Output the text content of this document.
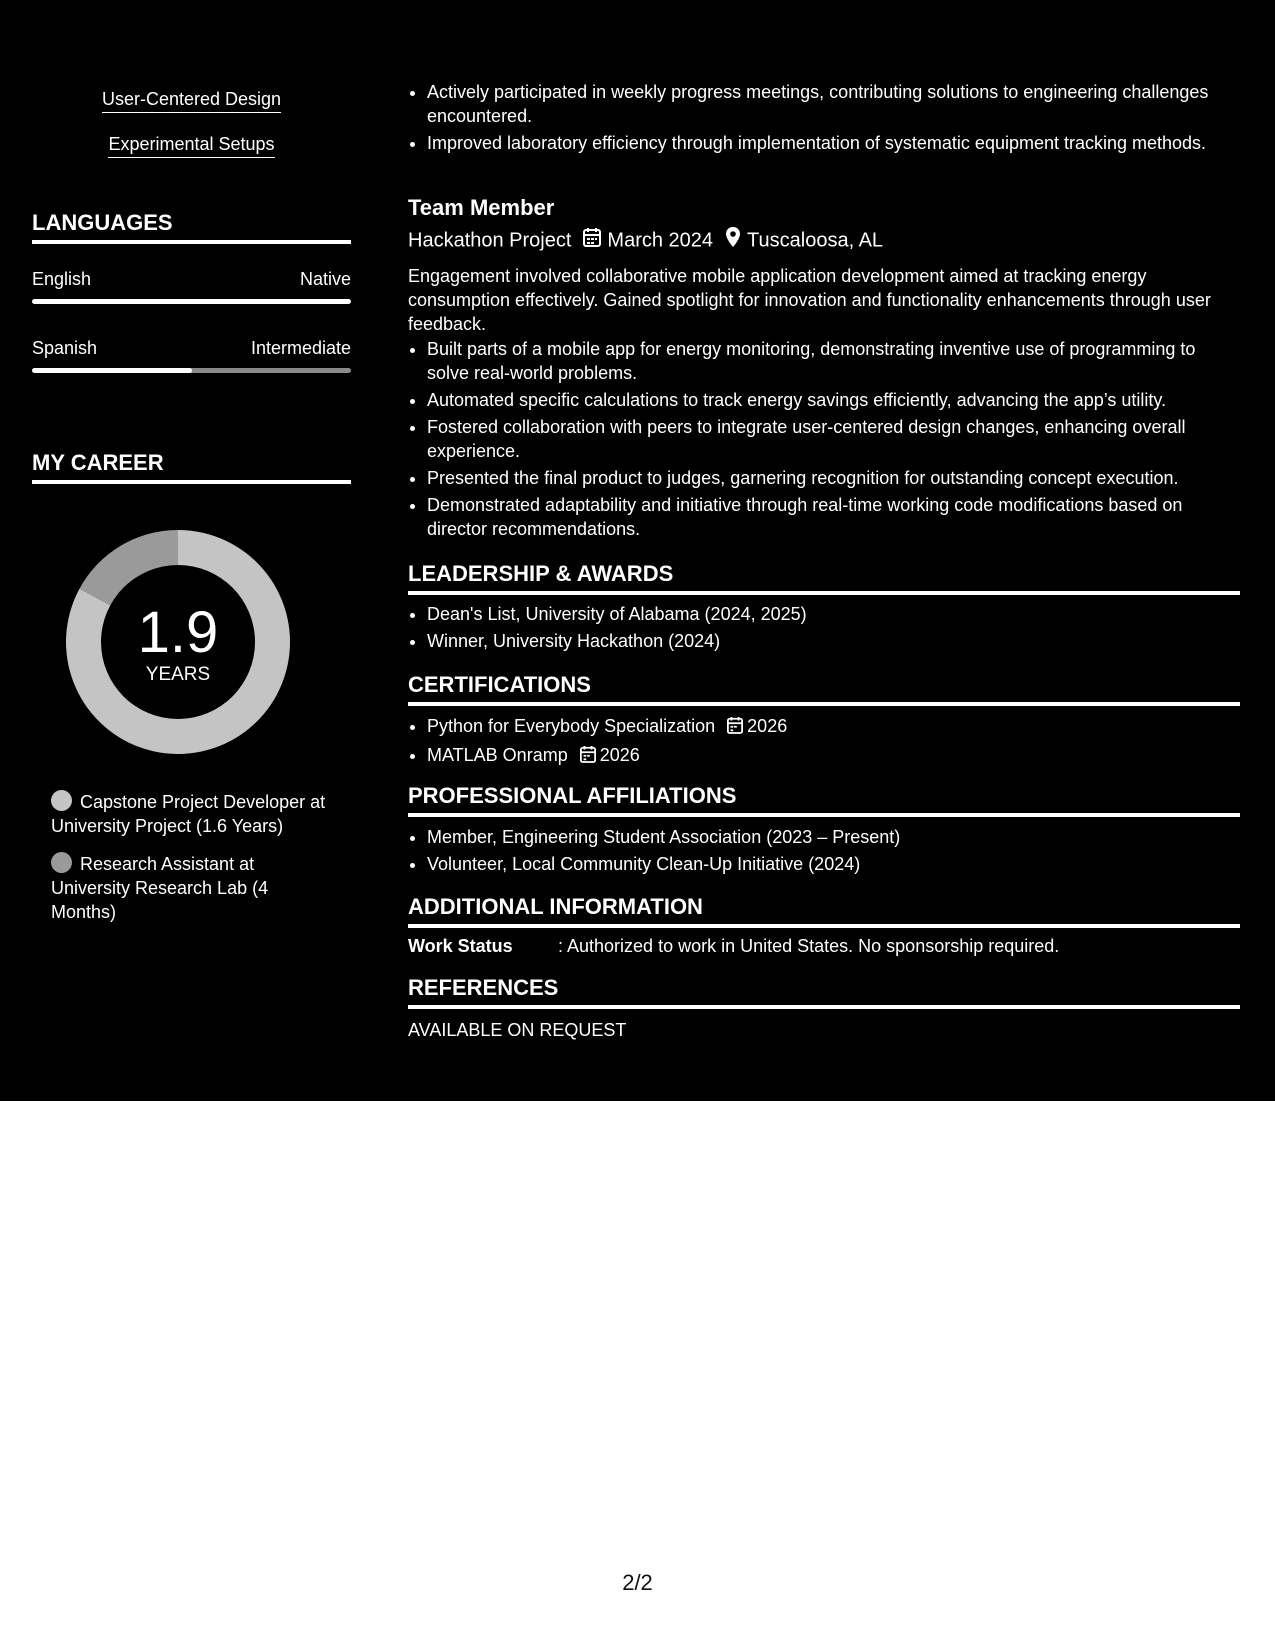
User-Centered Design
Experimental Setups
LANGUAGES
English	Native
Spanish	Intermediate
MY CAREER
1.9
YEARS
Capstone Project Developer at University Project (1.6 Years)
Research Assistant at University Research Lab (4 Months)
• Actively participated in weekly progress meetings, contributing solutions to engineering challenges encountered.
• Improved laboratory efficiency through implementation of systematic equipment tracking methods.
Team Member
Hackathon Project March 2024 Tuscaloosa, AL
Engagement involved collaborative mobile application development aimed at tracking energy consumption effectively. Gained spotlight for innovation and functionality enhancements through user feedback.
• Built parts of a mobile app for energy monitoring, demonstrating inventive use of programming to solve real-world problems.
• Automated specific calculations to track energy savings efficiently, advancing the app’s utility.
• Fostered collaboration with peers to integrate user-centered design changes, enhancing overall experience.
• Presented the final product to judges, garnering recognition for outstanding concept execution.
• Demonstrated adaptability and initiative through real-time working code modifications based on director recommendations.
LEADERSHIP & AWARDS
• Dean's List, University of Alabama (2024, 2025)
• Winner, University Hackathon (2024)
CERTIFICATIONS
• Python for Everybody Specialization 2026
• MATLAB Onramp 2026
PROFESSIONAL AFFILIATIONS
• Member, Engineering Student Association (2023 – Present)
• Volunteer, Local Community Clean-Up Initiative (2024)
ADDITIONAL INFORMATION
Work Status	: Authorized to work in United States. No sponsorship required.
REFERENCES
AVAILABLE ON REQUEST
2/2
